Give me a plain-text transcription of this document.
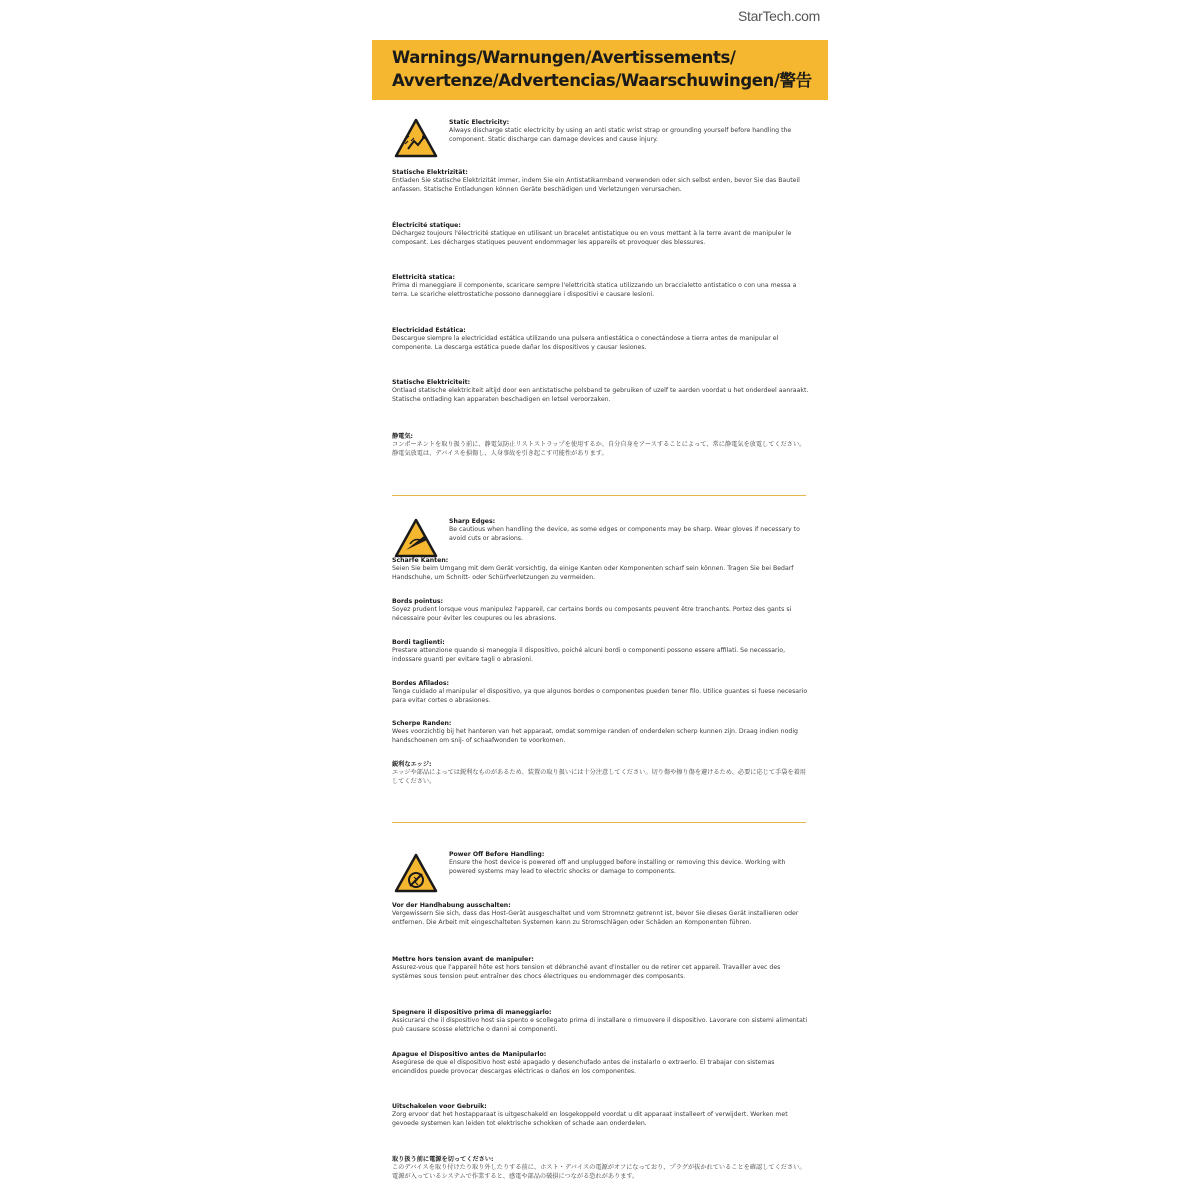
StarTech.com
Warnings/Warnungen/Avertissements/
Avvertenze/Advertencias/Waarschuwingen/警告
Static Electricity:
Always discharge static electricity by using an anti static wrist strap or grounding yourself before handling the component. Static discharge can damage devices and cause injury.
Statische Elektrizität:
Entladen Sie statische Elektrizität immer, indem Sie ein Antistatikarmband verwenden oder sich selbst erden, bevor Sie das Bauteil anfassen. Statische Entladungen können Geräte beschädigen und Verletzungen verursachen.
Électricité statique:
Déchargez toujours l'électricité statique en utilisant un bracelet antistatique ou en vous mettant à la terre avant de manipuler le composant. Les décharges statiques peuvent endommager les appareils et provoquer des blessures.
Elettricità statica:
Prima di maneggiare il componente, scaricare sempre l'elettricità statica utilizzando un braccialetto antistatico o con una messa a terra. Le scariche elettrostatiche possono danneggiare i dispositivi e causare lesioni.
Electricidad Estática:
Descargue siempre la electricidad estática utilizando una pulsera antiestática o conectándose a tierra antes de manipular el componente. La descarga estática puede dañar los dispositivos y causar lesiones.
Statische Elektriciteit:
Ontlaad statische elektriciteit altijd door een antistatische polsband te gebruiken of uzelf te aarden voordat u het onderdeel aanraakt. Statische ontlading kan apparaten beschadigen en letsel veroorzaken.
静電気:
コンポーネントを取り扱う前に、静電気防止リストストラップを使用するか、自分自身をアースすることによって、常に静電気を放電してください。静電気放電は、デバイスを損傷し、人身事故を引き起こす可能性があります。
Sharp Edges:
Be cautious when handling the device, as some edges or components may be sharp. Wear gloves if necessary to avoid cuts or abrasions.
Scharfe Kanten:
Seien Sie beim Umgang mit dem Gerät vorsichtig, da einige Kanten oder Komponenten scharf sein können. Tragen Sie bei Bedarf Handschuhe, um Schnitt- oder Schürfverletzungen zu vermeiden.
Bords pointus:
Soyez prudent lorsque vous manipulez l'appareil, car certains bords ou composants peuvent être tranchants. Portez des gants si nécessaire pour éviter les coupures ou les abrasions.
Bordi taglienti:
Prestare attenzione quando si maneggia il dispositivo, poiché alcuni bordi o componenti possono essere affilati. Se necessario, indossare guanti per evitare tagli o abrasioni.
Bordes Afilados:
Tenga cuidado al manipular el dispositivo, ya que algunos bordes o componentes pueden tener filo. Utilice guantes si fuese necesario para evitar cortes o abrasiones.
Scherpe Randen:
Wees voorzichtig bij het hanteren van het apparaat, omdat sommige randen of onderdelen scherp kunnen zijn. Draag indien nodig handschoenen om snij- of schaafwonden te voorkomen.
鋭利なエッジ:
エッジや部品によっては鋭利なものがあるため、装置の取り扱いには十分注意してください。切り傷や擦り傷を避けるため、必要に応じて手袋を着用してください。
Power Off Before Handling:
Ensure the host device is powered off and unplugged before installing or removing this device. Working with powered systems may lead to electric shocks or damage to components.
Vor der Handhabung ausschalten:
Vergewissern Sie sich, dass das Host-Gerät ausgeschaltet und vom Stromnetz getrennt ist, bevor Sie dieses Gerät installieren oder entfernen. Die Arbeit mit eingeschalteten Systemen kann zu Stromschlägen oder Schäden an Komponenten führen.
Mettre hors tension avant de manipuler:
Assurez-vous que l'appareil hôte est hors tension et débranché avant d'installer ou de retirer cet appareil. Travailler avec des systèmes sous tension peut entraîner des chocs électriques ou endommager des composants.
Spegnere il dispositivo prima di maneggiarlo:
Assicurarsi che il dispositivo host sia spento e scollegato prima di installare o rimuovere il dispositivo. Lavorare con sistemi alimentati può causare scosse elettriche o danni ai componenti.
Apague el Dispositivo antes de Manipularlo:
Asegúrese de que el dispositivo host esté apagado y desenchufado antes de instalarlo o extraerlo. El trabajar con sistemas encendidos puede provocar descargas eléctricas o daños en los componentes.
Uitschakelen voor Gebruik:
Zorg ervoor dat het hostapparaat is uitgeschakeld en losgekoppeld voordat u dit apparaat installeert of verwijdert. Werken met gevoede systemen kan leiden tot elektrische schokken of schade aan onderdelen.
取り扱う前に電源を切ってください:
このデバイスを取り付けたり取り外したりする前に、ホスト・デバイスの電源がオフになっており、プラグが抜かれていることを確認してください。電源が入っているシステムで作業すると、感電や部品の破損につながる恐れがあります。
